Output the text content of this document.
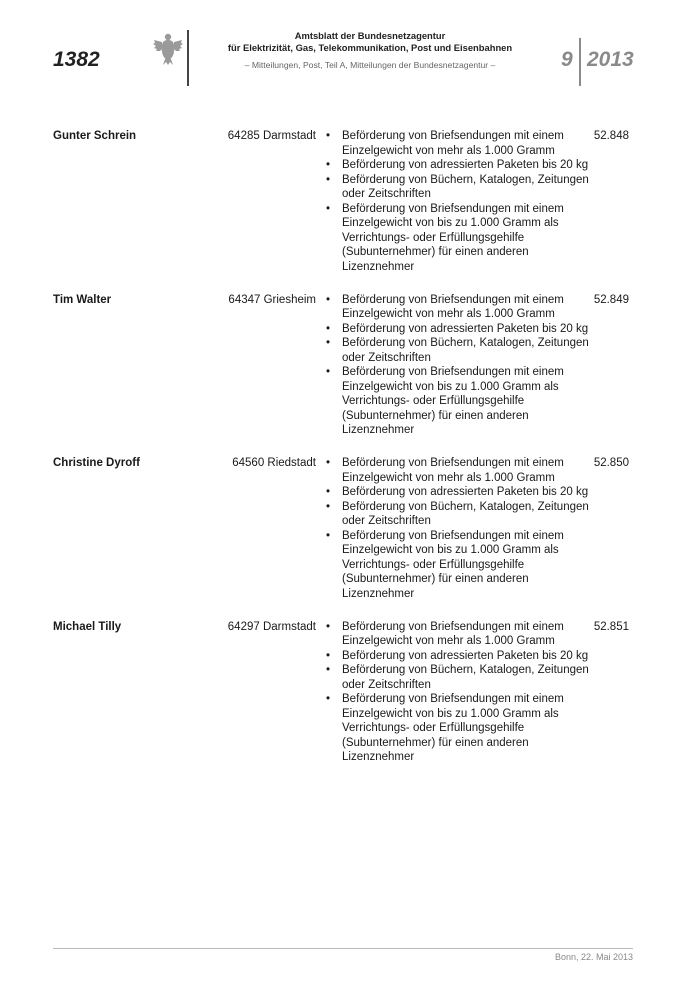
1382
Amtsblatt der Bundesnetzagentur
für Elektrizität, Gas, Telekommunikation, Post und Eisenbahnen
– Mitteilungen, Post, Teil A, Mitteilungen der Bundesnetzagentur –	9 2013
Gunter Schrein	64285 Darmstadt	• Beförderung von Briefsendungen mit einem Einzelgewicht von mehr als 1.000 Gramm
• Beförderung von adressierten Paketen bis 20 kg
• Beförderung von Büchern, Katalogen, Zeitungen oder Zeitschriften
• Beförderung von Briefsendungen mit einem Einzelgewicht von bis zu 1.000 Gramm als Verrichtungs- oder Erfüllungsgehilfe (Subunternehmer) für einen anderen Lizenznehmer
52.848
Tim Walter	64347 Griesheim	• Beförderung von Briefsendungen mit einem Einzelgewicht von mehr als 1.000 Gramm
• Beförderung von adressierten Paketen bis 20 kg
• Beförderung von Büchern, Katalogen, Zeitungen oder Zeitschriften
• Beförderung von Briefsendungen mit einem Einzelgewicht von bis zu 1.000 Gramm als Verrichtungs- oder Erfüllungsgehilfe (Subunternehmer) für einen anderen Lizenznehmer
52.849
Christine Dyroff	64560 Riedstadt	• Beförderung von Briefsendungen mit einem Einzelgewicht von mehr als 1.000 Gramm
• Beförderung von adressierten Paketen bis 20 kg
• Beförderung von Büchern, Katalogen, Zeitungen oder Zeitschriften
• Beförderung von Briefsendungen mit einem Einzelgewicht von bis zu 1.000 Gramm als Verrichtungs- oder Erfüllungsgehilfe (Subunternehmer) für einen anderen Lizenznehmer
52.850
Michael Tilly	64297 Darmstadt	• Beförderung von Briefsendungen mit einem Einzelgewicht von mehr als 1.000 Gramm
• Beförderung von adressierten Paketen bis 20 kg
• Beförderung von Büchern, Katalogen, Zeitungen oder Zeitschriften
• Beförderung von Briefsendungen mit einem Einzelgewicht von bis zu 1.000 Gramm als Verrichtungs- oder Erfüllungsgehilfe (Subunternehmer) für einen anderen Lizenznehmer
52.851
Bonn, 22. Mai 2013
